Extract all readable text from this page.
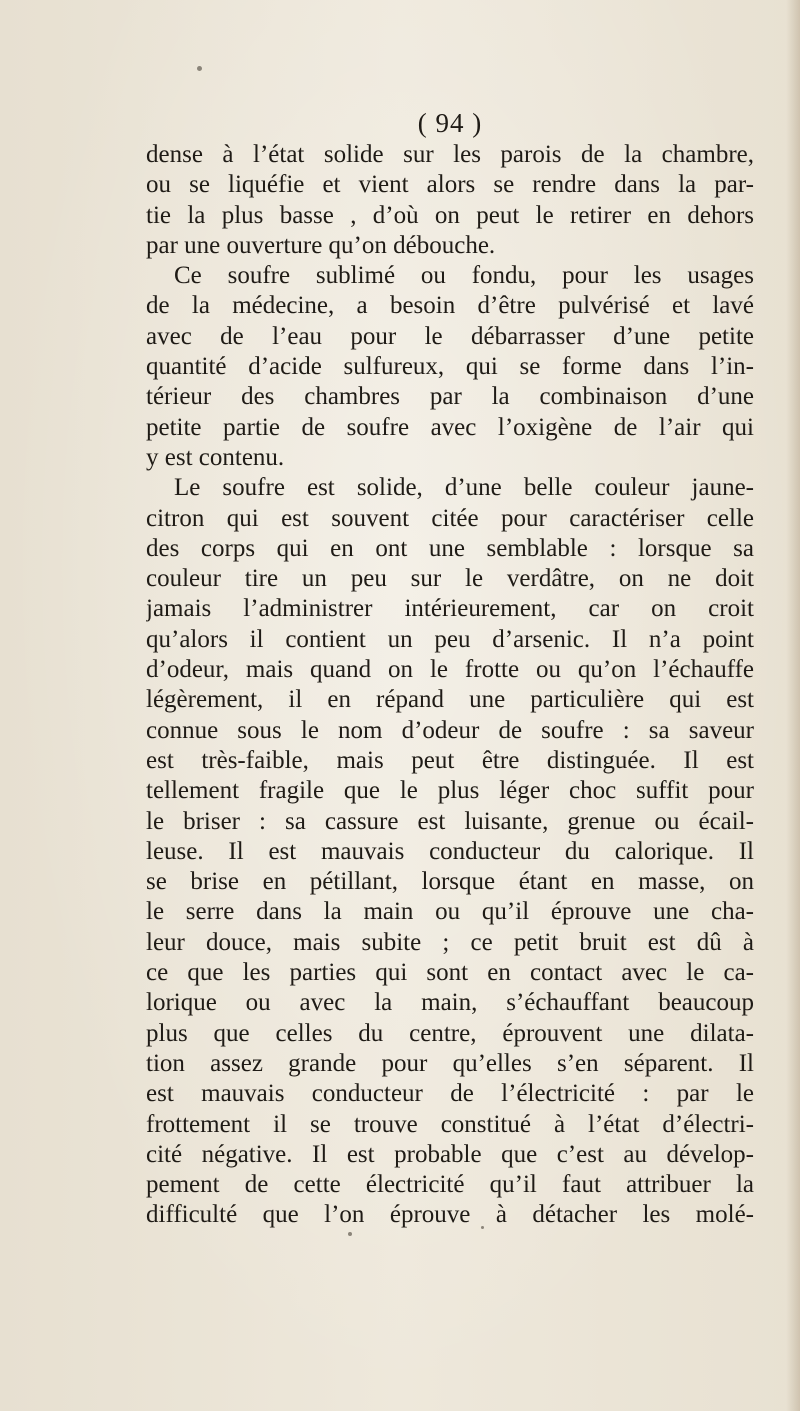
( 94 )
dense à l’état solide sur les parois de la chambre,
ou se liquéfie et vient alors se rendre dans la par-
tie la plus basse , d’où on peut le retirer en dehors
par une ouverture qu’on débouche.
Ce soufre sublimé ou fondu, pour les usages
de la médecine, a besoin d’être pulvérisé et lavé
avec de l’eau pour le débarrasser d’une petite
quantité d’acide sulfureux, qui se forme dans l’in-
térieur des chambres par la combinaison d’une
petite partie de soufre avec l’oxigène de l’air qui
y est contenu.
Le soufre est solide, d’une belle couleur jaune-
citron qui est souvent citée pour caractériser celle
des corps qui en ont une semblable : lorsque sa
couleur tire un peu sur le verdâtre, on ne doit
jamais l’administrer intérieurement, car on croit
qu’alors il contient un peu d’arsenic. Il n’a point
d’odeur, mais quand on le frotte ou qu’on l’échauffe
légèrement, il en répand une particulière qui est
connue sous le nom d’odeur de soufre : sa saveur
est très-faible, mais peut être distinguée. Il est
tellement fragile que le plus léger choc suffit pour
le briser : sa cassure est luisante, grenue ou écail-
leuse. Il est mauvais conducteur du calorique. Il
se brise en pétillant, lorsque étant en masse, on
le serre dans la main ou qu’il éprouve une cha-
leur douce, mais subite ; ce petit bruit est dû à
ce que les parties qui sont en contact avec le ca-
lorique ou avec la main, s’échauffant beaucoup
plus que celles du centre, éprouvent une dilata-
tion assez grande pour qu’elles s’en séparent. Il
est mauvais conducteur de l’électricité : par le
frottement il se trouve constitué à l’état d’électri-
cité négative. Il est probable que c’est au dévelop-
pement de cette électricité qu’il faut attribuer la
difficulté que l’on éprouve à détacher les molé-
